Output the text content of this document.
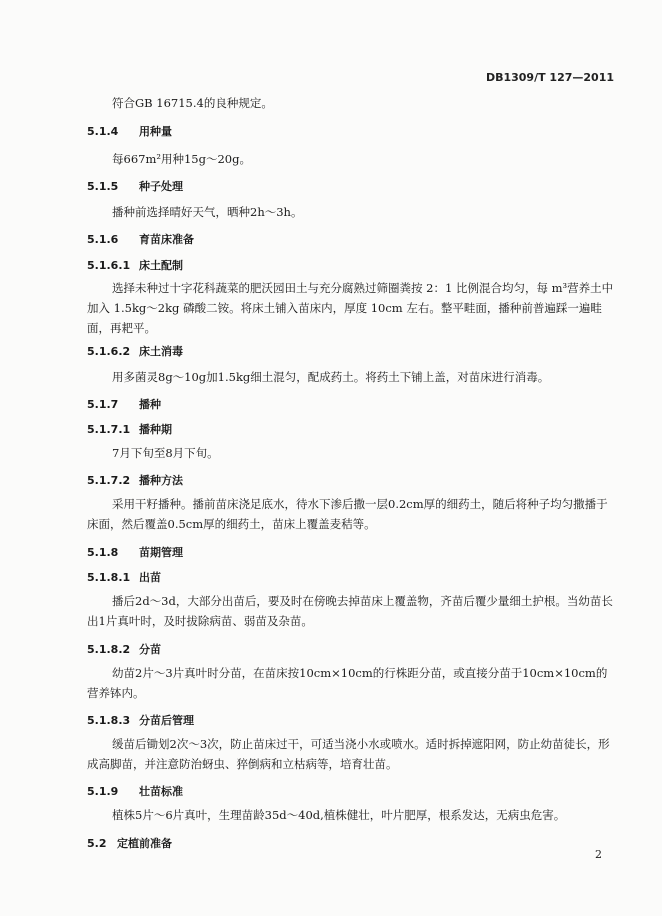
DB1309/T 127—2011
符合GB 16715.4的良种规定。
5.1.4 用种量
每667m²用种15g～20g。
5.1.5 种子处理
播种前选择晴好天气，晒种2h～3h。
5.1.6 育苗床准备
5.1.6.1 床土配制
选择未种过十字花科蔬菜的肥沃园田土与充分腐熟过筛圈粪按 2：1 比例混合均匀，每 m³营养土中加入 1.5kg～2kg 磷酸二铵。将床土铺入苗床内，厚度 10cm 左右。整平畦面，播种前普遍踩一遍畦面，再耙平。
5.1.6.2 床土消毒
用多菌灵8g～10g加1.5kg细土混匀，配成药土。将药土下铺上盖，对苗床进行消毒。
5.1.7 播种
5.1.7.1 播种期
7月下旬至8月下旬。
5.1.7.2 播种方法
采用干籽播种。播前苗床浇足底水，待水下渗后撒一层0.2cm厚的细药土，随后将种子均匀撒播于床面，然后覆盖0.5cm厚的细药土，苗床上覆盖麦秸等。
5.1.8 苗期管理
5.1.8.1 出苗
播后2d～3d，大部分出苗后，要及时在傍晚去掉苗床上覆盖物，齐苗后覆少量细土护根。当幼苗长出1片真叶时，及时拔除病苗、弱苗及杂苗。
5.1.8.2 分苗
幼苗2片～3片真叶时分苗，在苗床按10cm×10cm的行株距分苗，或直接分苗于10cm×10cm的营养钵内。
5.1.8.3 分苗后管理
缓苗后锄划2次～3次，防止苗床过干，可适当浇小水或喷水。适时拆掉遮阳网，防止幼苗徒长，形成高脚苗，并注意防治蚜虫、猝倒病和立枯病等，培育壮苗。
5.1.9 壮苗标准
植株5片～6片真叶，生理苗龄35d～40d,植株健壮，叶片肥厚，根系发达，无病虫危害。
5.2 定植前准备
2
